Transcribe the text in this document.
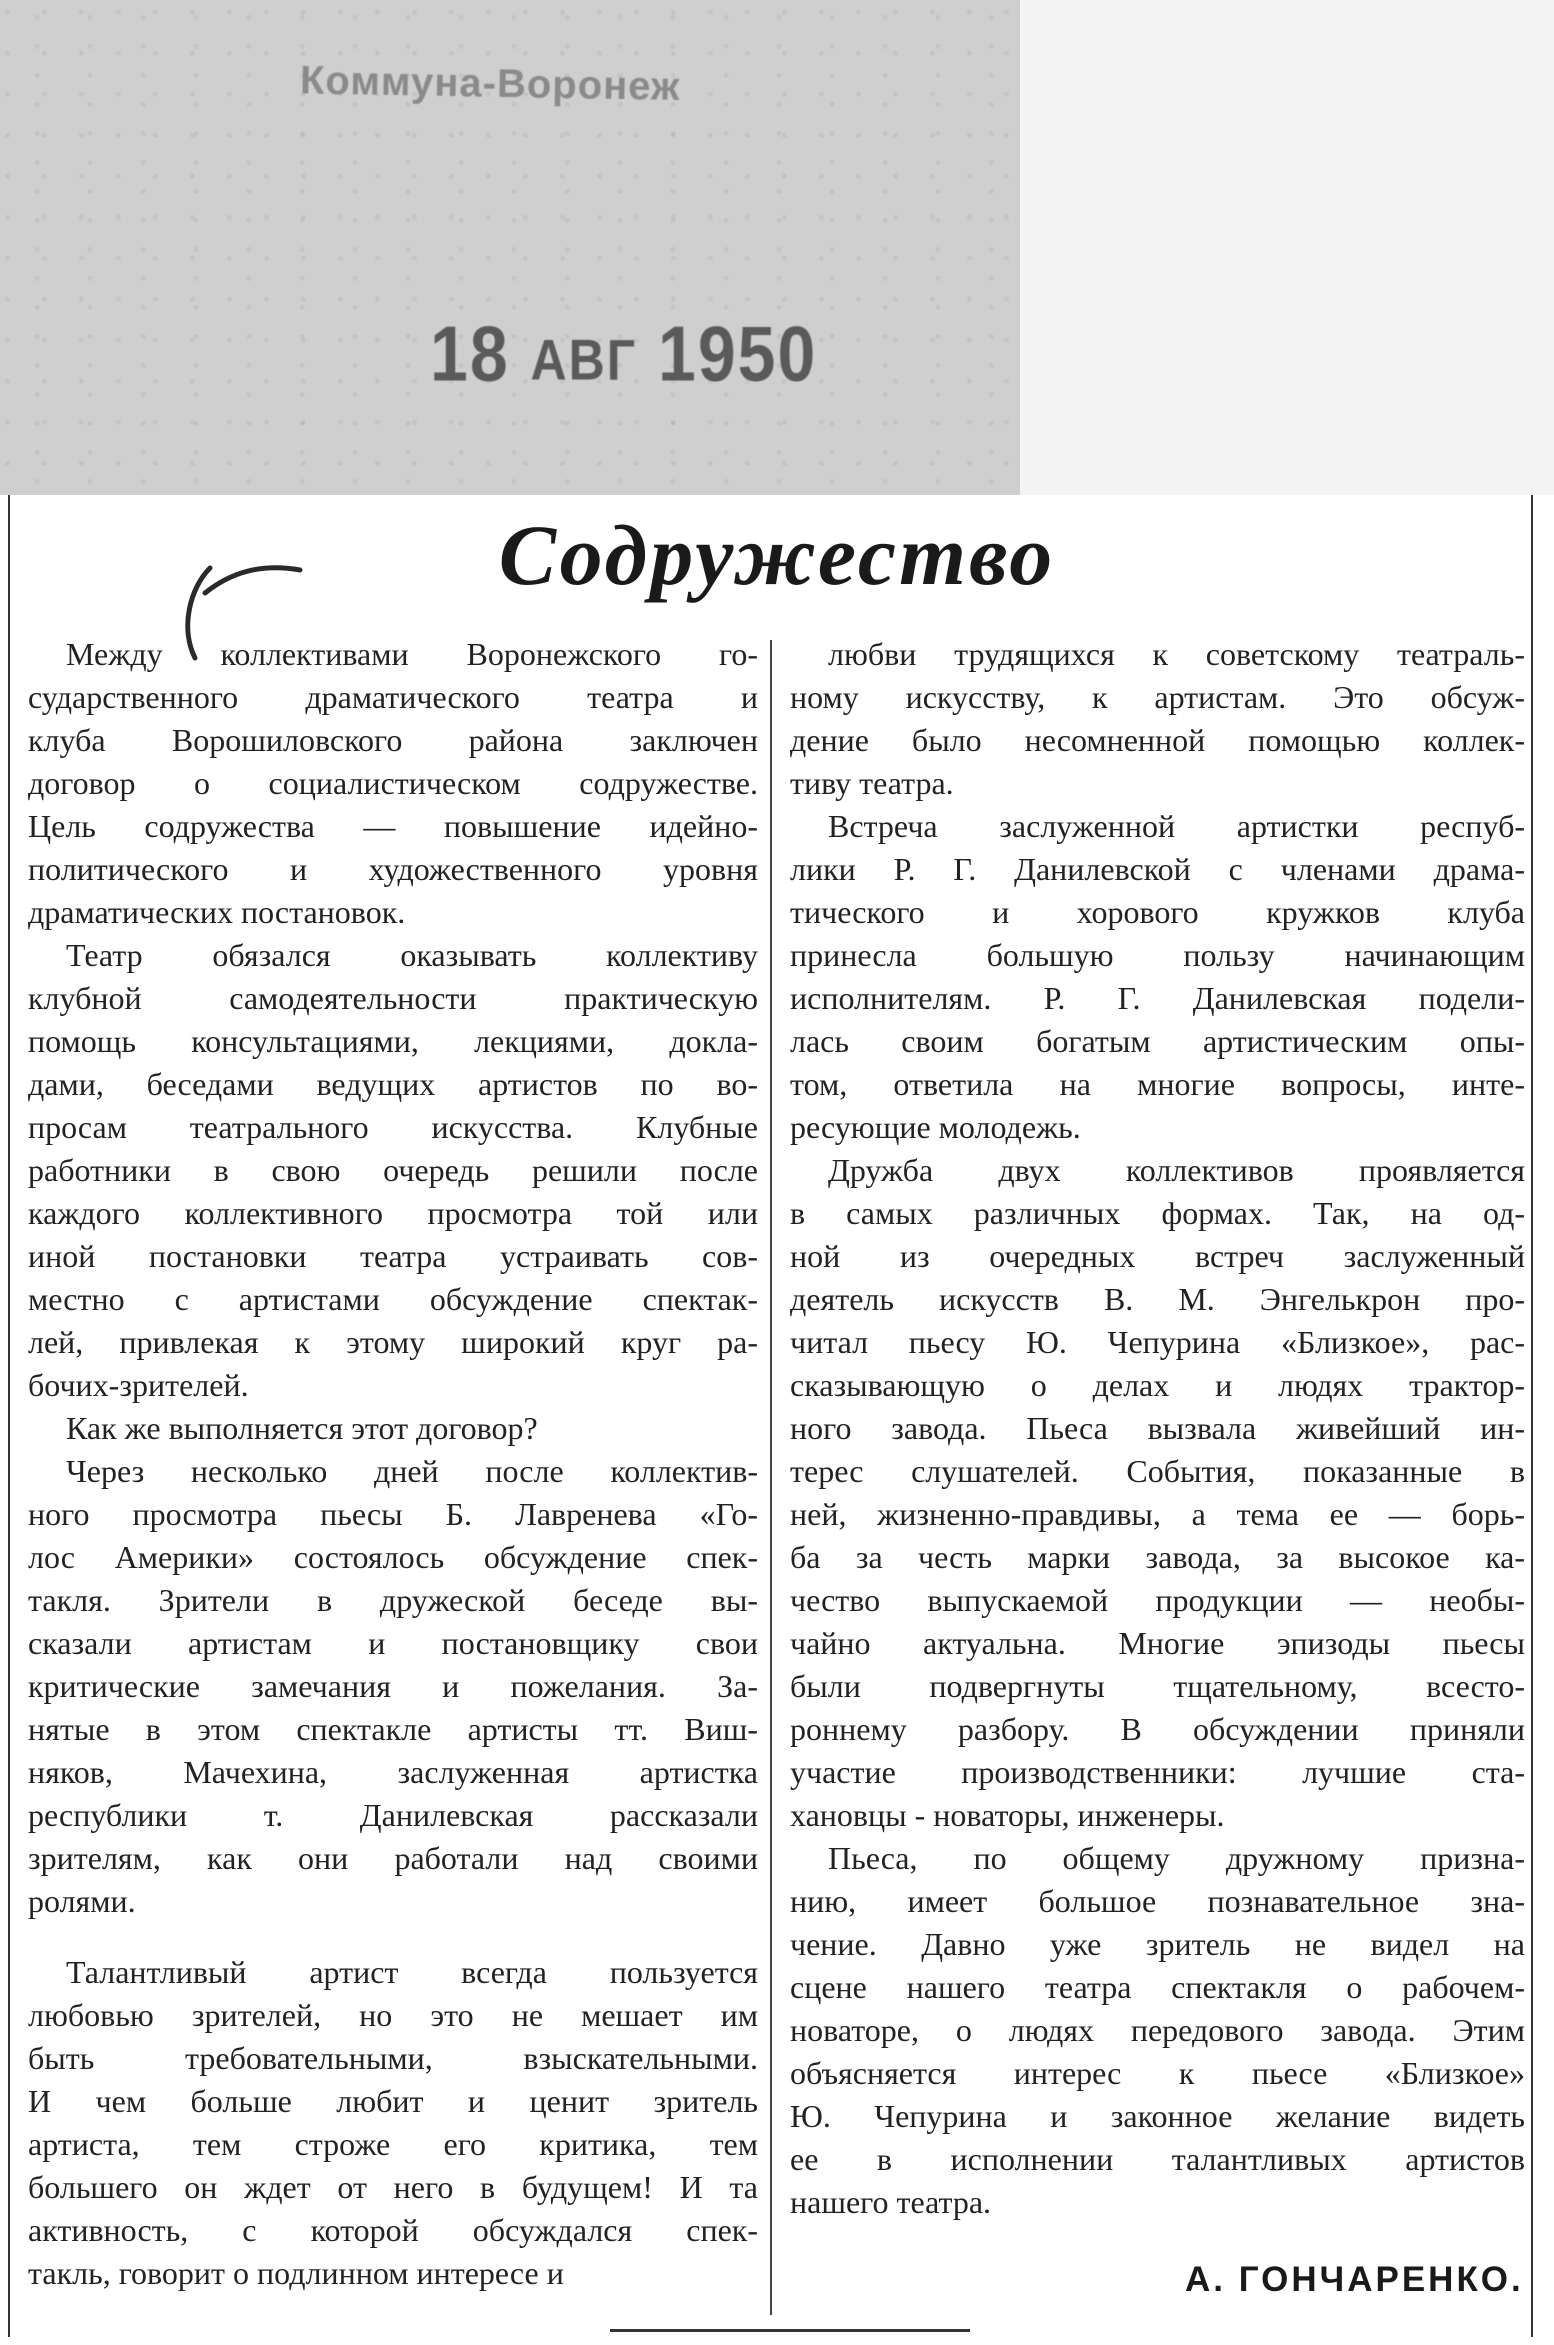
Коммуна-Воронеж
18 АВГ 1950
Содружество

Между коллективами Воронежского го-
сударственного драматического театра и
клуба Ворошиловского района заключен
договор о социалистическом содружестве.
Цель содружества — повышение идейно-
политического и художественного уровня
драматических постановок.

Театр обязался оказывать коллективу
клубной самодеятельности практическую
помощь консультациями, лекциями, докла-
дами, беседами ведущих артистов по во-
просам театрального искусства. Клубные
работники в свою очередь решили после
каждого коллективного просмотра той или
иной постановки театра устраивать сов-
местно с артистами обсуждение спектак-
лей, привлекая к этому широкий круг ра-
бочих-зрителей.

Как же выполняется этот договор?

Через несколько дней после коллектив-
ного просмотра пьесы Б. Лавренева «Го-
лос Америки» состоялось обсуждение спек-
такля. Зрители в дружеской беседе вы-
сказали артистам и постановщику свои
критические замечания и пожелания. За-
нятые в этом спектакле артисты тт. Виш-
няков, Мачехина, заслуженная артистка
республики т. Данилевская рассказали
зрителям, как они работали над своими
ролями.

Талантливый артист всегда пользуется
любовью зрителей, но это не мешает им
быть требовательными, взыскательными.
И чем больше любит и ценит зритель
артиста, тем строже его критика, тем
большего он ждет от него в будущем! И та
активность, с которой обсуждался спек-
такль, говорит о подлинном интересе и

любви трудящихся к советскому театраль-
ному искусству, к артистам. Это обсуж-
дение было несомненной помощью коллек-
тиву театра.

Встреча заслуженной артистки респуб-
лики Р. Г. Данилевской с членами драма-
тического и хорового кружков клуба
принесла большую пользу начинающим
исполнителям. Р. Г. Данилевская подели-
лась своим богатым артистическим опы-
том, ответила на многие вопросы, инте-
ресующие молодежь.

Дружба двух коллективов проявляется
в самых различных формах. Так, на од-
ной из очередных встреч заслуженный
деятель искусств В. М. Энгелькрон про-
читал пьесу Ю. Чепурина «Близкое», рас-
сказывающую о делах и людях трактор-
ного завода. Пьеса вызвала живейший ин-
терес слушателей. События, показанные в
ней, жизненно-правдивы, а тема ее — борь-
ба за честь марки завода, за высокое ка-
чество выпускаемой продукции — необы-
чайно актуальна. Многие эпизоды пьесы
были подвергнуты тщательному, всесто-
роннему разбору. В обсуждении приняли
участие производственники: лучшие ста-
хановцы - новаторы, инженеры.

Пьеса, по общему дружному призна-
нию, имеет большое познавательное зна-
чение. Давно уже зритель не видел на
сцене нашего театра спектакля о рабочем-
новаторе, о людях передового завода. Этим
объясняется интерес к пьесе «Близкое»
Ю. Чепурина и законное желание видеть
ее в исполнении талантливых артистов
нашего театра.

А. ГОНЧАРЕНКО.
